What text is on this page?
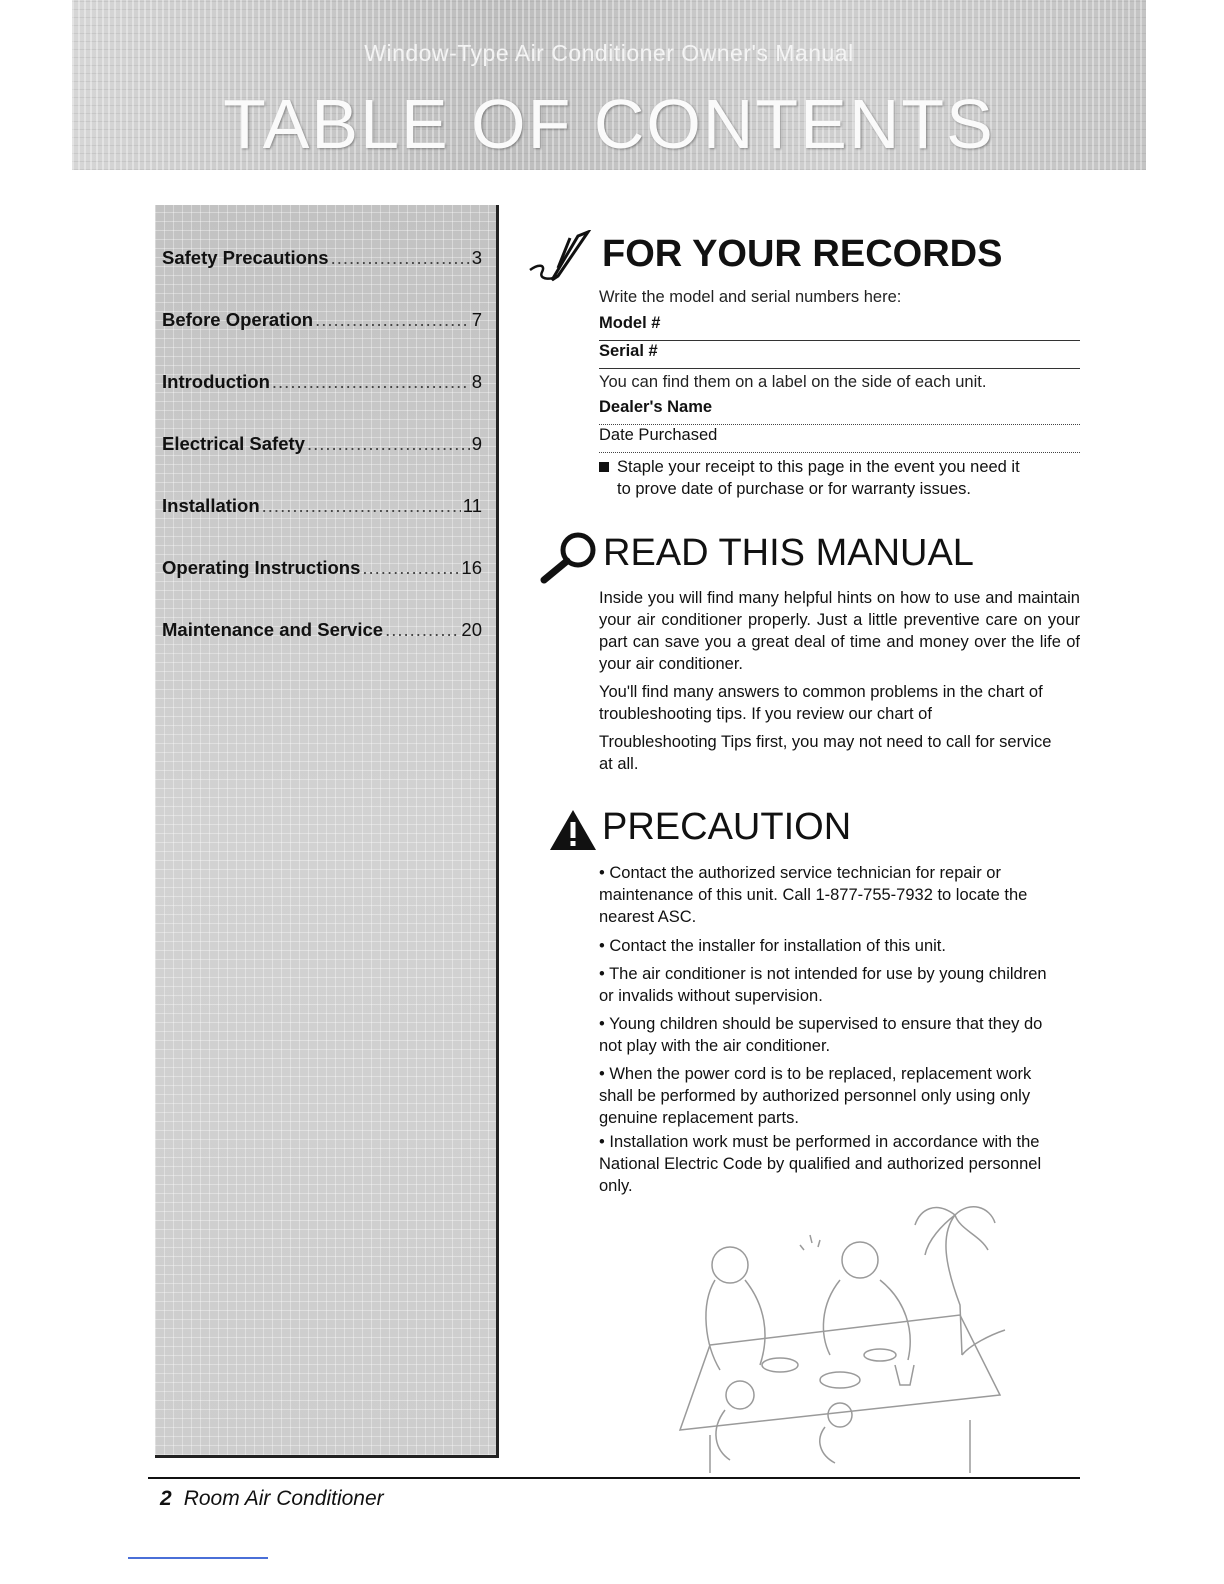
Window-Type Air Conditioner Owner's Manual
TABLE OF CONTENTS
Safety Precautions .....	3
Before Operation .....	7
Introduction .....	8
Electrical Safety .....	9
Installation .....	11
Operating Instructions .....	16
Maintenance and Service .....	20
FOR YOUR RECORDS
Write the model and serial numbers here:
Model #
Serial #
You can find them on a label on the side of each unit.
Dealer's Name
Date Purchased
Staple your receipt to this page in the event you need it
to prove date of purchase or for warranty issues.
READ THIS MANUAL
Inside you will find many helpful hints on how to use and maintain your air conditioner properly. Just a little preventive care on your part can save you a great deal of time and money over the life of your air conditioner.
You'll find many answers to common problems in the chart of troubleshooting tips. If you review our chart of
Troubleshooting Tips first, you may not need to call for service at all.
PRECAUTION
• Contact the authorized service technician for repair or maintenance of this unit. Call 1-877-755-7932 to locate the nearest ASC.
• Contact the installer for installation of this unit.
• The air conditioner is not intended for use by young children or invalids without supervision.
• Young children should be supervised to ensure that they do not play with the air conditioner.
• When the power cord is to be replaced, replacement work shall be performed by authorized personnel only using only genuine replacement parts.
• Installation work must be performed in accordance with the National Electric Code by qualified and authorized personnel only.
2 Room Air Conditioner
